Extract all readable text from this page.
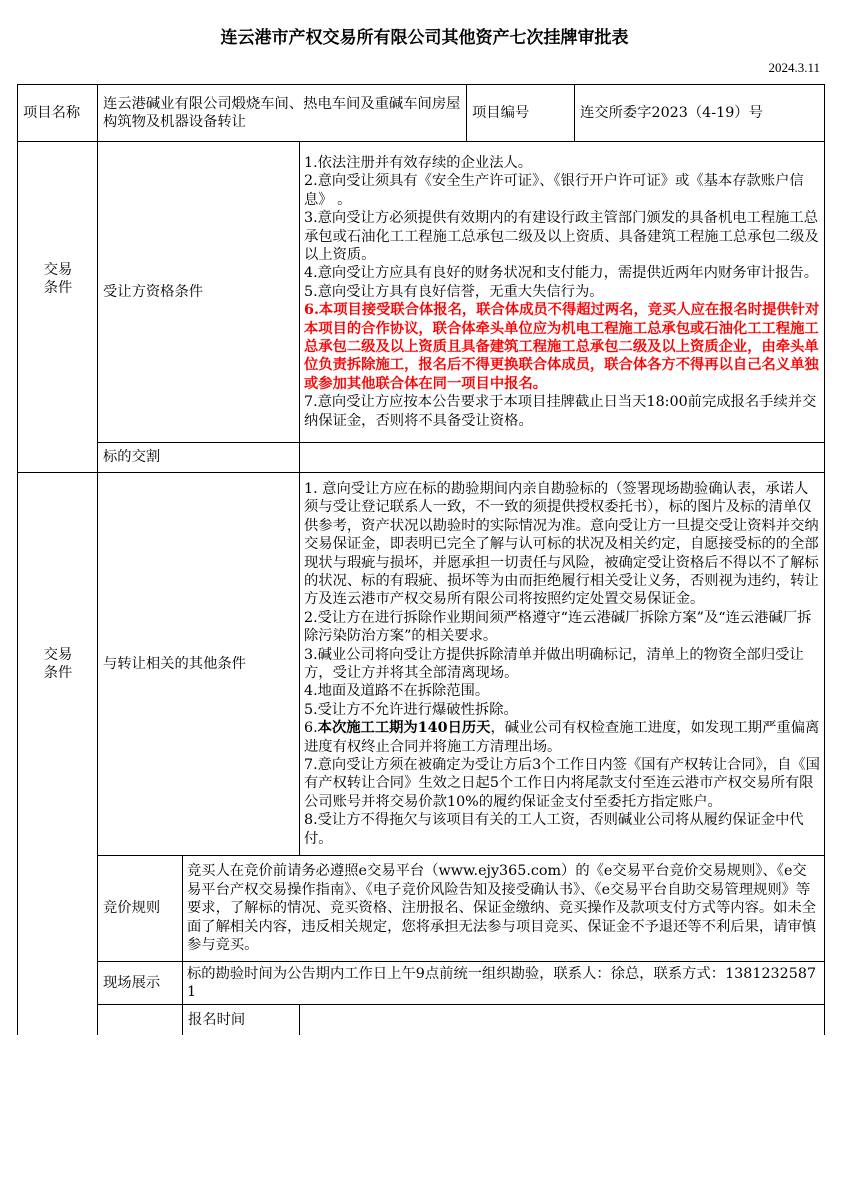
连云港市产权交易所有限公司其他资产七次挂牌审批表
2024.3.11
项目名称
连云港碱业有限公司煅烧车间、热电车间及重碱车间房屋构筑物及机器设备转让
项目编号	连交所委字2023（4-19）号
交易
条件	受让方资格条件
1.依法注册并有效存续的企业法人。
2.意向受让须具有《安全生产许可证》、《银行开户许可证》或《基本存款账户信息》 。
3.意向受让方必须提供有效期内的有建设行政主管部门颁发的具备机电工程施工总承包或石油化工工程施工总承包二级及以上资质、具备建筑工程施工总承包二级及以上资质。
4.意向受让方应具有良好的财务状况和支付能力，需提供近两年内财务审计报告。
5.意向受让方具有良好信誉，无重大失信行为。
6.本项目接受联合体报名，联合体成员不得超过两名，竞买人应在报名时提供针对本项目的合作协议，联合体牵头单位应为机电工程施工总承包或石油化工工程施工总承包二级及以上资质且具备建筑工程施工总承包二级及以上资质企业，由牵头单位负责拆除施工，报名后不得更换联合体成员，联合体各方不得再以自己名义单独或参加其他联合体在同一项目中报名。
7.意向受让方应按本公告要求于本项目挂牌截止日当天18:00前完成报名手续并交纳保证金，否则将不具备受让资格。
标的交割
交易
条件
与转让相关的其他条件
1. 意向受让方应在标的勘验期间内亲自勘验标的（签署现场勘验确认表，承诺人须与受让登记联系人一致，不一致的须提供授权委托书），标的图片及标的清单仅供参考，资产状况以勘验时的实际情况为准。意向受让方一旦提交受让资料并交纳交易保证金，即表明已完全了解与认可标的状况及相关约定，自愿接受标的的全部现状与瑕疵与损坏，并愿承担一切责任与风险，被确定受让资格后不得以不了解标的状况、标的有瑕疵、损坏等为由而拒绝履行相关受让义务，否则视为违约，转让方及连云港市产权交易所有限公司将按照约定处置交易保证金。
2.受让方在进行拆除作业期间须严格遵守“连云港碱厂拆除方案”及“连云港碱厂拆除污染防治方案”的相关要求。
3.碱业公司将向受让方提供拆除清单并做出明确标记，清单上的物资全部归受让方，受让方并将其全部清离现场。
4.地面及道路不在拆除范围。
5.受让方不允许进行爆破性拆除。
6.本次施工工期为140日历天，碱业公司有权检查施工进度，如发现工期严重偏离进度有权终止合同并将施工方清理出场。
7.意向受让方须在被确定为受让方后3个工作日内签《国有产权转让合同》，自《国有产权转让合同》生效之日起5个工作日内将尾款支付至连云港市产权交易所有限公司账号并将交易价款10%的履约保证金支付至委托方指定账户。
8.受让方不得拖欠与该项目有关的工人工资，否则碱业公司将从履约保证金中代付。
竞价规则
竞买人在竞价前请务必遵照e交易平台（www.ejy365.com）的《e交易平台竞价交易规则》、《e交易平台产权交易操作指南》、《电子竞价风险告知及接受确认书》、《e交易平台自助交易管理规则》等要求，了解标的情况、竞买资格、注册报名、保证金缴纳、竞买操作及款项支付方式等内容。如未全面了解相关内容，违反相关规定，您将承担无法参与项目竞买、保证金不予退还等不利后果，请审慎参与竞买。
现场展示
标的勘验时间为公告期内工作日上午9点前统一组织勘验，联系人：徐总，联系方式：13812325871
报名时间
